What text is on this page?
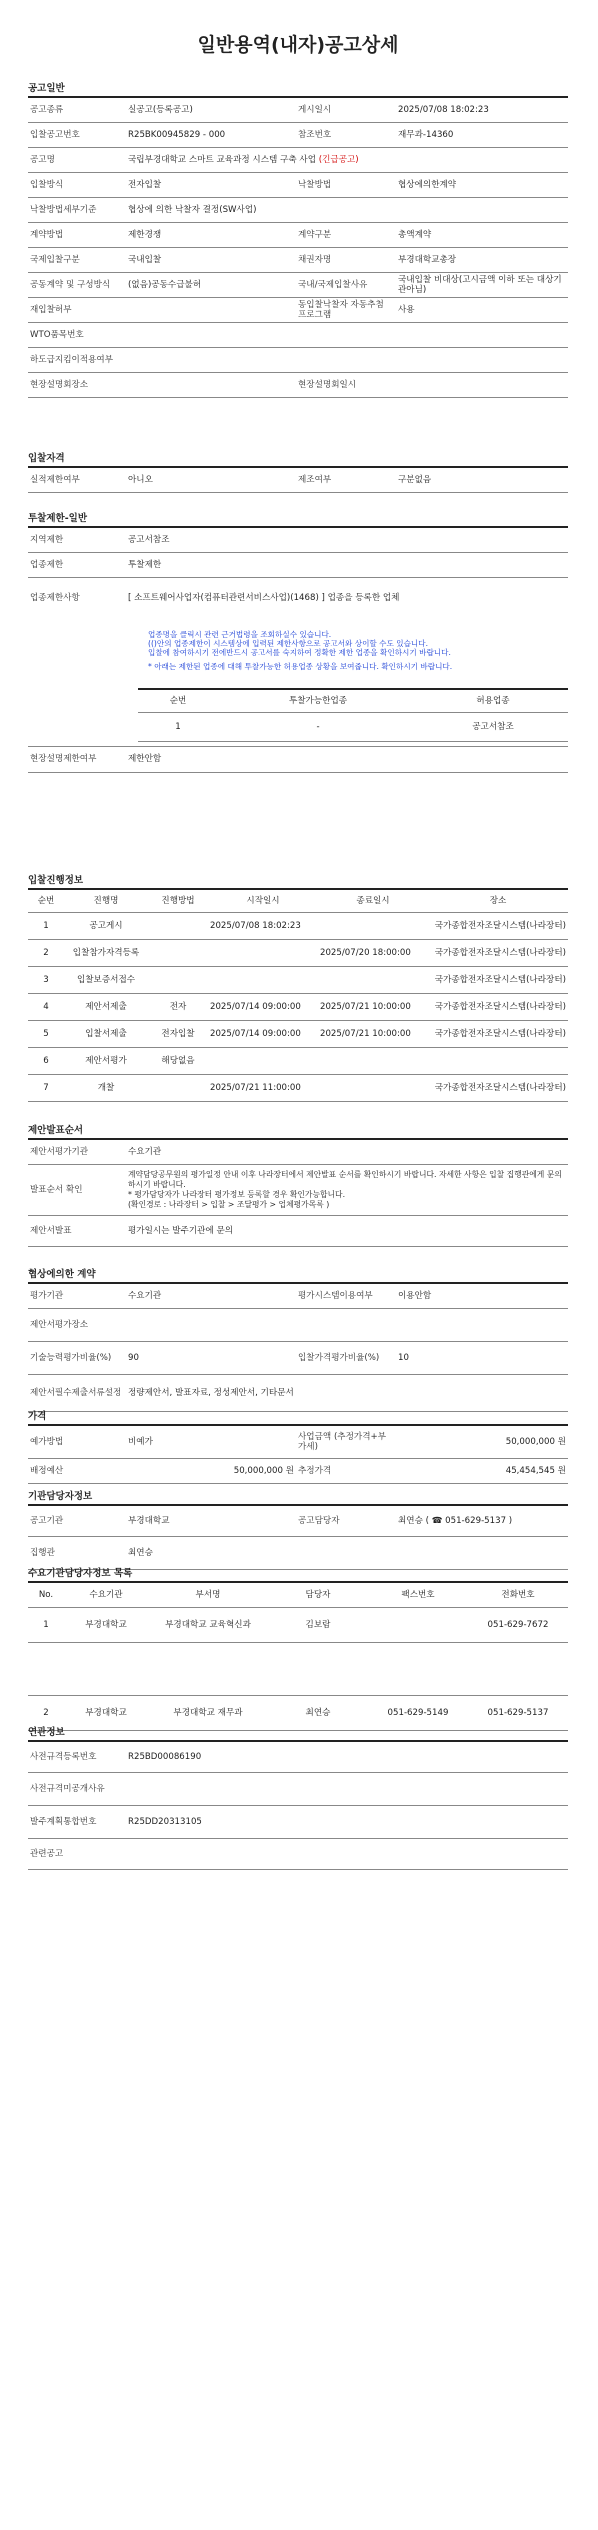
일반용역(내자)공고상세
공고일반
공고종류	실공고(등록공고)	게시일시	2025/07/08 18:02:23
입찰공고번호	R25BK00945829 - 000	참조번호	재무과-14360
공고명	국립부경대학교 스마트 교육과정 시스템 구축 사업 (긴급공고)		
입찰방식	전자입찰	낙찰방법	협상에의한계약
낙찰방법세부기준	협상에 의한 낙찰자 결정(SW사업)		
계약방법	제한경쟁	계약구분	총액계약
국제입찰구분	국내입찰	채권자명	부경대학교총장
공동계약 및 구성방식	(없음)공동수급불허	국내/국제입찰사유	국내입찰 비대상(고시금액 이하 또는 대상기관아님)
재입찰허부		동입찰낙찰자 자동추첨 프로그램	사용
WTO품목번호			
하도급지킴이적용여부			
현장설명회장소		현장설명회일시	
입찰자격
실적제한여부	아니오	제조여부	구분없음
투찰제한-일반
지역제한	공고서참조
업종제한	투찰제한
업종제한사항	[ 소프트웨어사업자(컴퓨터관련서비스사업)(1468) ] 업종을 등록한 업체
업종명을 클릭시 관련 근거법령을 조회하실수 있습니다.
(()안의 업종제한이 시스템상에 입력된 제한사항으로 공고서와 상이할 수도 있습니다.
입찰에 참여하시기 전에반드시 공고서를 숙지하여 정확한 제한 업종을 확인하시기 바랍니다.
* 아래는 제한된 업종에 대해 투찰가능한 허용업종 상황을 보여줍니다. 확인하시기 바랍니다.
순번	투찰가능한업종	허용업종
1	-	공고서참조
현장설명제한여부	제한안함
입찰진행정보
순번	진행명	진행방법	시작일시	종료일시	장소
1	공고게시		2025/07/08 18:02:23		국가종합전자조달시스템(나라장터)
2	입찰참가자격등록			2025/07/20 18:00:00	국가종합전자조달시스템(나라장터)
3	입찰보증서접수				국가종합전자조달시스템(나라장터)
4	제안서제출	전자	2025/07/14 09:00:00	2025/07/21 10:00:00	국가종합전자조달시스템(나라장터)
5	입찰서제출	전자입찰	2025/07/14 09:00:00	2025/07/21 10:00:00	국가종합전자조달시스템(나라장터)
6	제안서평가	해당없음			
7	개찰		2025/07/21 11:00:00		국가종합전자조달시스템(나라장터)
제안발표순서
제안서평가기관	수요기관
발표순서 확인	계약담당공무원의 평가일정 안내 이후 나라장터에서 제안발표 순서를 확인하시기 바랍니다. 자세한 사항은 입찰 집행관에게 문의하시기 바랍니다.
* 평가담당자가 나라장터 평가정보 등록할 경우 확인가능합니다.
(확인경로 : 나라장터 > 입찰 > 조달평가 > 업체평가목록 )

제안서발표	평가일시는 발주기관에 문의
협상에의한 계약
평가기관	수요기관	평가시스템이용여부	이용안함
제안서평가장소			
기술능력평가비율(%)	90	입찰가격평가비율(%)	10
제안서필수제출서류설정	정량제안서, 발표자료, 정성제안서, 기타문서		
가격
예가방법	비예가	사업금액 (추정가격+부가세)	50,000,000 원
배정예산	50,000,000 원	추정가격	45,454,545 원
기관담당자정보
공고기관	부경대학교	공고담당자	최연승 ( ☎ 051-629-5137 )
집행관	최연승		
수요기관담당자정보 목록
No.	수요기관	부서명	담당자	팩스번호	전화번호
1	부경대학교	부경대학교 교육혁신과	김보람		051-629-7672

2	부경대학교	부경대학교 재무과	최연승	051-629-5149	051-629-5137
연관정보
사전규격등록번호	R25BD00086190
사전규격미공개사유	
발주계획통합번호	R25DD20313105
관련공고	
